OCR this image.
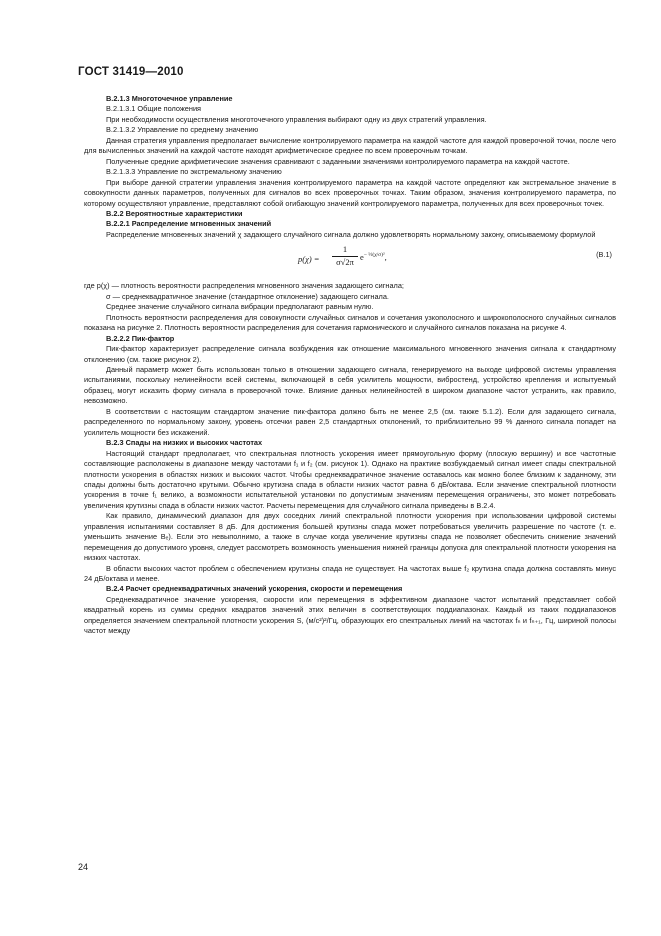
ГОСТ 31419—2010

В.2.1.3 Многоточечное управление

В.2.1.3.1 Общие положения

При необходимости осуществления многоточечного управления выбирают одну из двух стратегий управления.

В.2.1.3.2 Управление по среднему значению

Данная стратегия управления предполагает вычисление контролируемого параметра на каждой частоте для каждой проверочной точки, после чего для вычисленных значений на каждой частоте находят арифметическое среднее по всем проверочным точкам.

Полученные средние арифметические значения сравнивают с заданными значениями контролируемого параметра на каждой частоте.

В.2.1.3.3 Управление по экстремальному значению

При выборе данной стратегии управления значения контролируемого параметра на каждой частоте определяют как экстремальное значение в совокупности данных параметров, полученных для сигналов во всех проверочных точках. Таким образом, значения контролируемого параметра, по которому осуществляют управление, представляют собой огибающую значений контролируемого параметра, полученных для всех проверочных точек.

В.2.2 Вероятностные характеристики

В.2.2.1 Распределение мгновенных значений

Распределение мгновенных значений χ задающего случайного сигнала должно удовлетворять нормальному закону, описываемому формулой

$p(\chi) = \frac{1}{\sigma√2\pi} e^{- \frac{1}{2}(\chi/\sigma)^2}$,	(В.1)

где p(χ) — плотность вероятности распределения мгновенного значения задающего сигнала;

σ — среднеквадратичное значение (стандартное отклонение) задающего сигнала.

Среднее значение случайного сигнала вибрации предполагают равным нулю.

Плотность вероятности распределения для совокупности случайных сигналов и сочетания узкополосного и широкополосного случайных сигналов показана на рисунке 2. Плотность вероятности распределения для сочетания гармонического и случайного сигналов показана на рисунке 4.

В.2.2.2 Пик-фактор

Пик-фактор характеризует распределение сигнала возбуждения как отношение максимального мгновенного значения сигнала к стандартному отклонению (см. также рисунок 2).

Данный параметр может быть использован только в отношении задающего сигнала, генерируемого на выходе цифровой системы управления испытаниями, поскольку нелинейности всей системы, включающей в себя усилитель мощности, вибростенд, устройство крепления и испытуемый образец, могут исказить форму сигнала в проверочной точке. Влияние данных нелинейностей в широком диапазоне частот устранить, как правило, невозможно.

В соответствии с настоящим стандартом значение пик-фактора должно быть не менее 2,5 (см. также 5.1.2). Если для задающего сигнала, распределенного по нормальному закону, уровень отсечки равен 2,5 стандартных отклонений, то приблизительно 99 % данного сигнала попадет на усилитель мощности без искажений.

В.2.3 Спады на низких и высоких частотах

Настоящий стандарт предполагает, что спектральная плотность ускорения имеет прямоугольную форму (плоскую вершину) и все частотные составляющие расположены в диапазоне между частотами f₁ и f₂ (см. рисунок 1). Однако на практике возбуждаемый сигнал имеет спады спектральной плотности ускорения в областях низких и высоких частот. Чтобы среднеквадратичное значение оставалось как можно более близким к заданному, эти спады должны быть достаточно крутыми. Обычно крутизна спада в области низких частот равна 6 дБ/октава. Если значение спектральной плотности ускорения в точке f₁ велико, а возможности испытательной установки по допустимым значениям перемещения ограничены, это может потребовать увеличения крутизны спада в области низких частот. Расчеты перемещения для случайного сигнала приведены в В.2.4.

Как правило, динамический диапазон для двух соседних линий спектральной плотности ускорения при использовании цифровой системы управления испытаниями составляет 8 дБ. Для достижения большей крутизны спада может потребоваться увеличить разрешение по частоте (т. е. уменьшить значение Bₑ). Если это невыполнимо, а также в случае когда увеличение крутизны спада не позволяет обеспечить снижение значений перемещения до допустимого уровня, следует рассмотреть возможность уменьшения нижней границы допуска для спектральной плотности ускорения на низких частотах.

В области высоких частот проблем с обеспечением крутизны спада не существует. На частотах выше f₂ крутизна спада должна составлять минус 24 дБ/октава и менее.

В.2.4 Расчет среднеквадратичных значений ускорения, скорости и перемещения

Среднеквадратичное значение ускорения, скорости или перемещения в эффективном диапазоне частот испытаний представляет собой квадратный корень из суммы средних квадратов значений этих величин в соответствующих поддиапазонах. Каждый из таких поддиапазонов определяется значением спектральной плотности ускорения S, (м/с²)²/Гц, образующих его спектральных линий на частотах fₙ и fₙ₊₁, Гц, шириной полосы частот между

24
